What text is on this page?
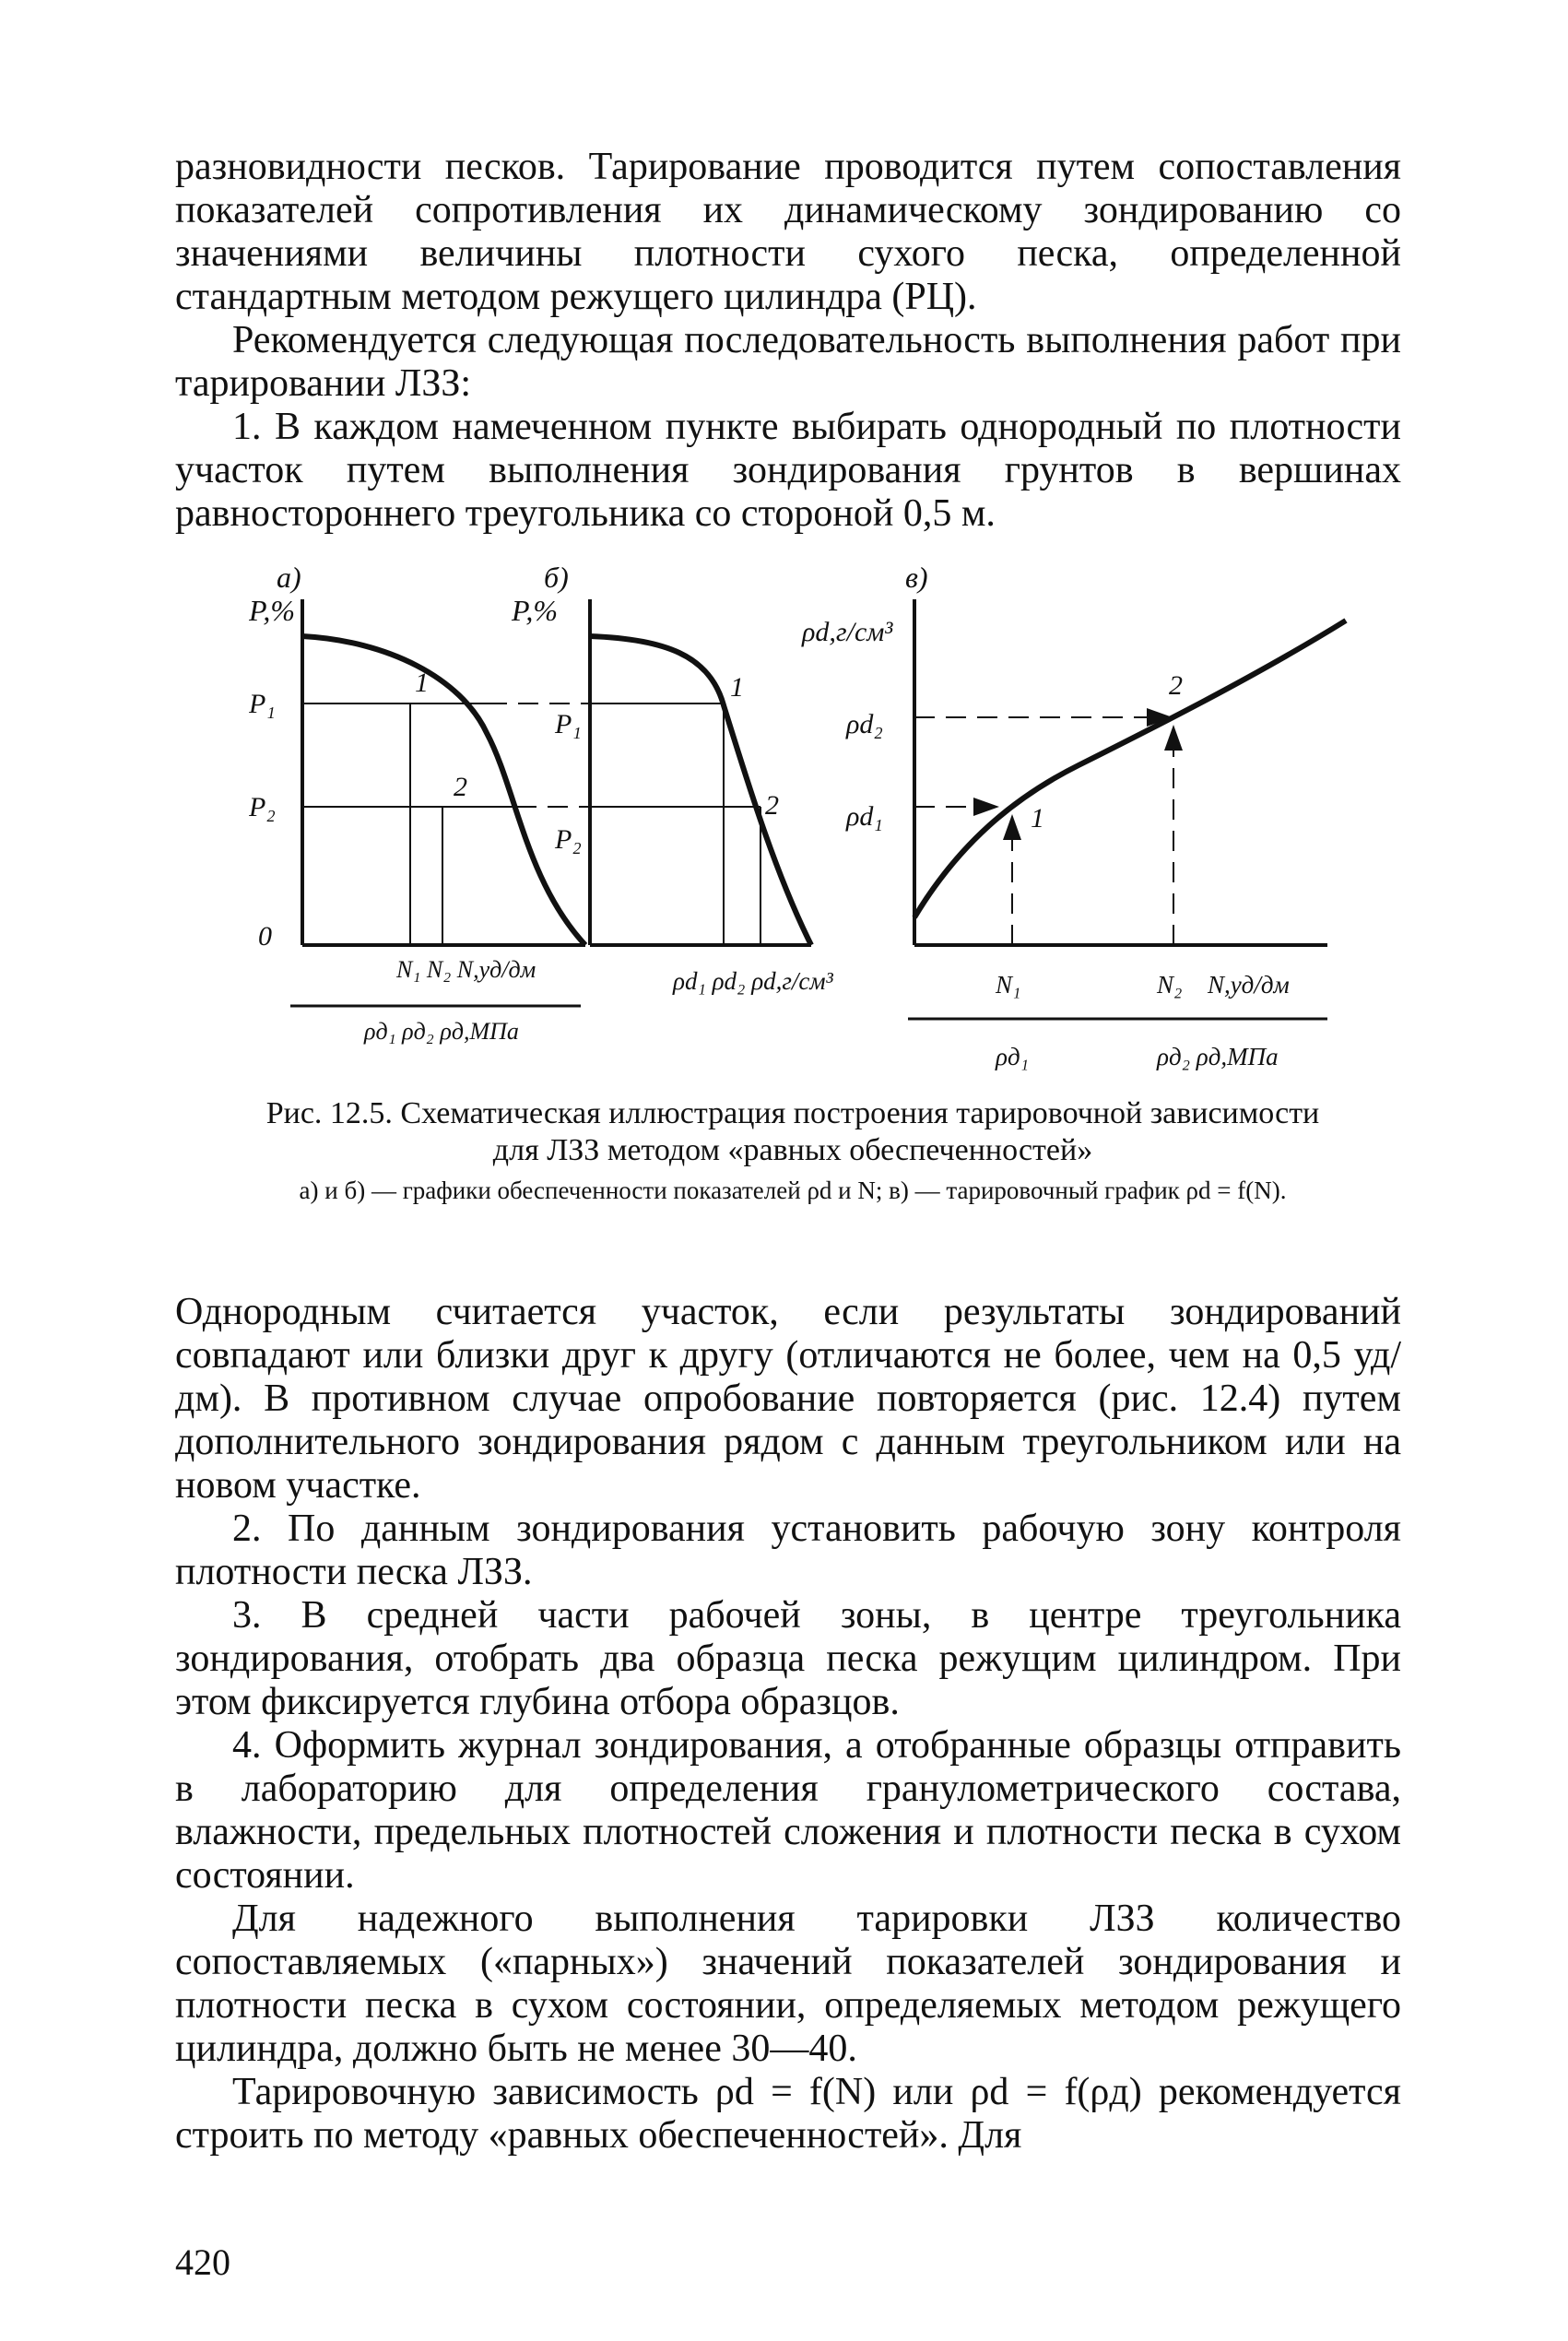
разновидности песков. Тарирование проводится путем сопоставления показателей сопротивления их динамическому зондированию со значениями величины плотности сухого песка, определенной стандартным методом режущего цилиндра (РЦ).

Рекомендуется следующая последовательность выполнения работ при тарировании ЛЗЗ:

1. В каждом намеченном пункте выбирать однородный по плотности участок путем выполнения зондирования грунтов в вершинах равностороннего треугольника со стороной 0,5 м.

а)
P,%
P₁
P₂
0
1
2
N₁ N₂ N,уд/дм
ρд₁ ρд₂ ρд,МПа
б)
P,%
P₁
P₂
1
2
ρd₁ ρd₂ ρd,г/см³
в)
ρd,г/см³
ρd₂
ρd₁	1
2
N₁	N₂ N,уд/дм
ρд₁	ρд₂ ρд,МПа
Рис. 12.5. Схематическая иллюстрация построения тарировочной зависимости для ЛЗЗ методом «равных обеспеченностей»
а) и б) — графики обеспеченности показателей ρd и N; в) — тарировочный график ρd = f(N).

Однородным считается участок, если результаты зондирований совпадают или близки друг к другу (отличаются не более, чем на 0,5 уд/дм). В противном случае опробование повторяется (рис. 12.4) путем дополнительного зондирования рядом с данным треугольником или на новом участке.

2. По данным зондирования установить рабочую зону контроля плотности песка ЛЗЗ.

3. В средней части рабочей зоны, в центре треугольника зондирования, отобрать два образца песка режущим цилиндром. При этом фиксируется глубина отбора образцов.

4. Оформить журнал зондирования, а отобранные образцы отправить в лабораторию для определения гранулометрического состава, влажности, предельных плотностей сложения и плотности песка в сухом состоянии.

Для надежного выполнения тарировки ЛЗЗ количество сопоставляемых («парных») значений показателей зондирования и плотности песка в сухом состоянии, определяемых методом режущего цилиндра, должно быть не менее 30—40.

Тарировочную зависимость ρd = f(N) или ρd = f(ρд) рекомендуется строить по методу «равных обеспеченностей». Для

420
